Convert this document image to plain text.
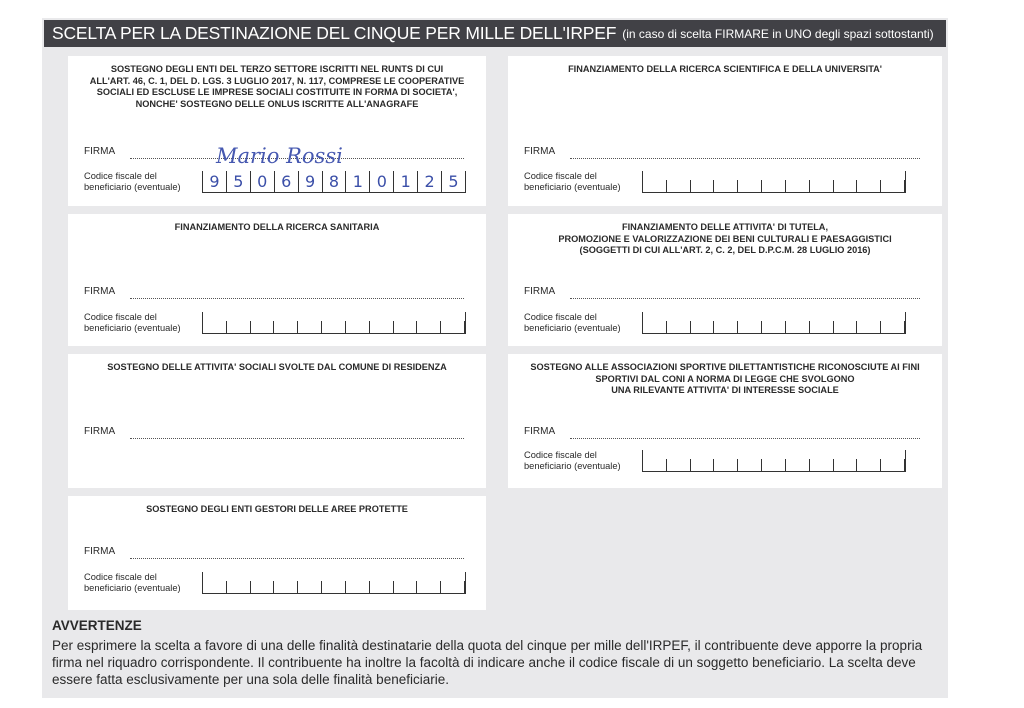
SCELTA PER LA DESTINAZIONE DEL CINQUE PER MILLE DELL'IRPEF (in caso di scelta FIRMARE in UNO degli spazi sottostanti)
SOSTEGNO DEGLI ENTI DEL TERZO SETTORE ISCRITTI NEL RUNTS DI CUI
ALL'ART. 46, C. 1, DEL D. LGS. 3 LUGLIO 2017, N. 117, COMPRESE LE COOPERATIVE
SOCIALI ED ESCLUSE LE IMPRESE SOCIALI COSTITUITE IN FORMA DI SOCIETA',
NONCHE' SOSTEGNO DELLE ONLUS ISCRITTE ALL'ANAGRAFE
FIRMA	Mario Rossi
Codice fiscale del
beneficiario (eventuale)	9 5 0 6 9 8 1 0 1 2 5
FINANZIAMENTO DELLA RICERCA SCIENTIFICA E DELLA UNIVERSITA'
FIRMA
Codice fiscale del
beneficiario (eventuale)
FINANZIAMENTO DELLA RICERCA SANITARIA
FIRMA
Codice fiscale del
beneficiario (eventuale)
FINANZIAMENTO DELLE ATTIVITA' DI TUTELA,
PROMOZIONE E VALORIZZAZIONE DEI BENI CULTURALI E PAESAGGISTICI
(SOGGETTI DI CUI ALL'ART. 2, C. 2, DEL D.P.C.M. 28 LUGLIO 2016)
FIRMA
Codice fiscale del
beneficiario (eventuale)
SOSTEGNO DELLE ATTIVITA' SOCIALI SVOLTE DAL COMUNE DI RESIDENZA
FIRMA
SOSTEGNO ALLE ASSOCIAZIONI SPORTIVE DILETTANTISTICHE RICONOSCIUTE AI FINI
SPORTIVI DAL CONI A NORMA DI LEGGE CHE SVOLGONO
UNA RILEVANTE ATTIVITA' DI INTERESSE SOCIALE
FIRMA
Codice fiscale del
beneficiario (eventuale)
SOSTEGNO DEGLI ENTI GESTORI DELLE AREE PROTETTE
FIRMA
Codice fiscale del
beneficiario (eventuale)
AVVERTENZE
Per esprimere la scelta a favore di una delle finalità destinatarie della quota del cinque per mille dell'IRPEF, il contribuente deve apporre la propria firma nel riquadro corrispondente. Il contribuente ha inoltre la facoltà di indicare anche il codice fiscale di un soggetto beneficiario. La scelta deve essere fatta esclusivamente per una sola delle finalità beneficiarie.
